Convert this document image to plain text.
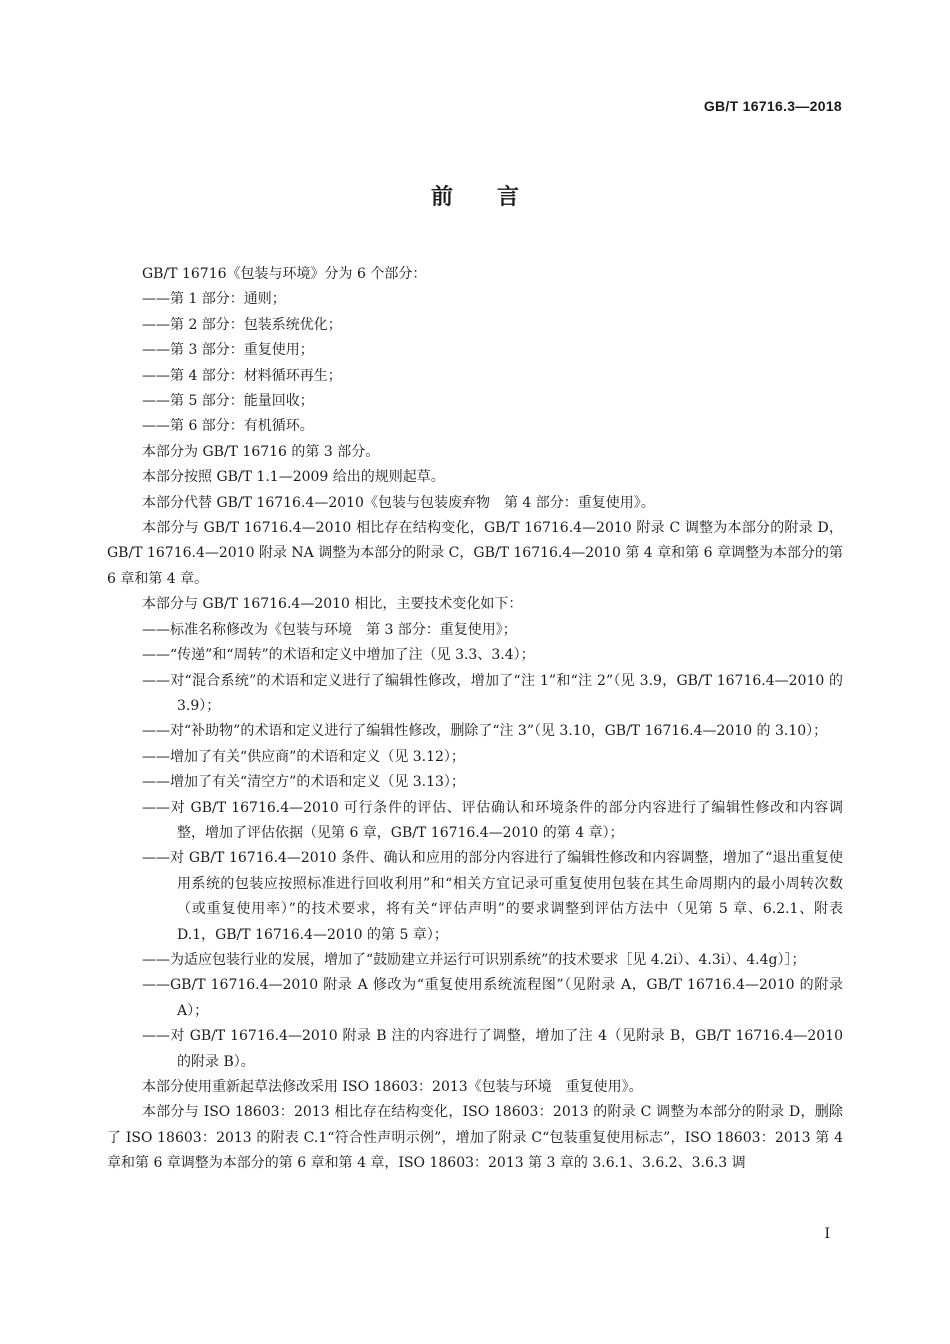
GB/T 16716.3—2018
前言

GB/T 16716《包装与环境》分为 6 个部分：

——第 1 部分：通则；

——第 2 部分：包装系统优化；

——第 3 部分：重复使用；

——第 4 部分：材料循环再生；

——第 5 部分：能量回收；

——第 6 部分：有机循环。

本部分为 GB/T 16716 的第 3 部分。

本部分按照 GB/T 1.1—2009 给出的规则起草。

本部分代替 GB/T 16716.4—2010《包装与包装废弃物　第 4 部分：重复使用》。

本部分与 GB/T 16716.4—2010 相比存在结构变化，GB/T 16716.4—2010 附录 C 调整为本部分的附录 D，GB/T 16716.4—2010 附录 NA 调整为本部分的附录 C，GB/T 16716.4—2010 第 4 章和第 6 章调整为本部分的第 6 章和第 4 章。

本部分与 GB/T 16716.4—2010 相比，主要技术变化如下：

——标准名称修改为《包装与环境　第 3 部分：重复使用》；

——“传递”和“周转”的术语和定义中增加了注（见 3.3、3.4）；

——对“混合系统”的术语和定义进行了编辑性修改，增加了“注 1”和“注 2”（见 3.9，GB/T 16716.4—2010 的 3.9）；

——对“补助物”的术语和定义进行了编辑性修改，删除了“注 3”（见 3.10，GB/T 16716.4—2010 的 3.10）；

——增加了有关“供应商”的术语和定义（见 3.12）；

——增加了有关“清空方”的术语和定义（见 3.13）；

——对 GB/T 16716.4—2010 可行条件的评估、评估确认和环境条件的部分内容进行了编辑性修改和内容调整，增加了评估依据（见第 6 章，GB/T 16716.4—2010 的第 4 章）；

——对 GB/T 16716.4—2010 条件、确认和应用的部分内容进行了编辑性修改和内容调整，增加了“退出重复使用系统的包装应按照标准进行回收利用”和“相关方宜记录可重复使用包装在其生命周期内的最小周转次数（或重复使用率）”的技术要求，将有关“评估声明”的要求调整到评估方法中（见第 5 章、6.2.1、附表 D.1，GB/T 16716.4—2010 的第 5 章）；

——为适应包装行业的发展，增加了“鼓励建立并运行可识别系统”的技术要求［见 4.2i）、4.3i）、4.4g）］；

——GB/T 16716.4—2010 附录 A 修改为“重复使用系统流程图”（见附录 A，GB/T 16716.4—2010 的附录 A）；

——对 GB/T 16716.4—2010 附录 B 注的内容进行了调整，增加了注 4（见附录 B，GB/T 16716.4—2010 的附录 B）。

本部分使用重新起草法修改采用 ISO 18603：2013《包装与环境　重复使用》。

本部分与 ISO 18603：2013 相比存在结构变化，ISO 18603：2013 的附录 C 调整为本部分的附录 D，删除了 ISO 18603：2013 的附表 C.1“符合性声明示例”，增加了附录 C“包装重复使用标志”，ISO 18603：2013 第 4 章和第 6 章调整为本部分的第 6 章和第 4 章，ISO 18603：2013 第 3 章的 3.6.1、3.6.2、3.6.3 调

I
